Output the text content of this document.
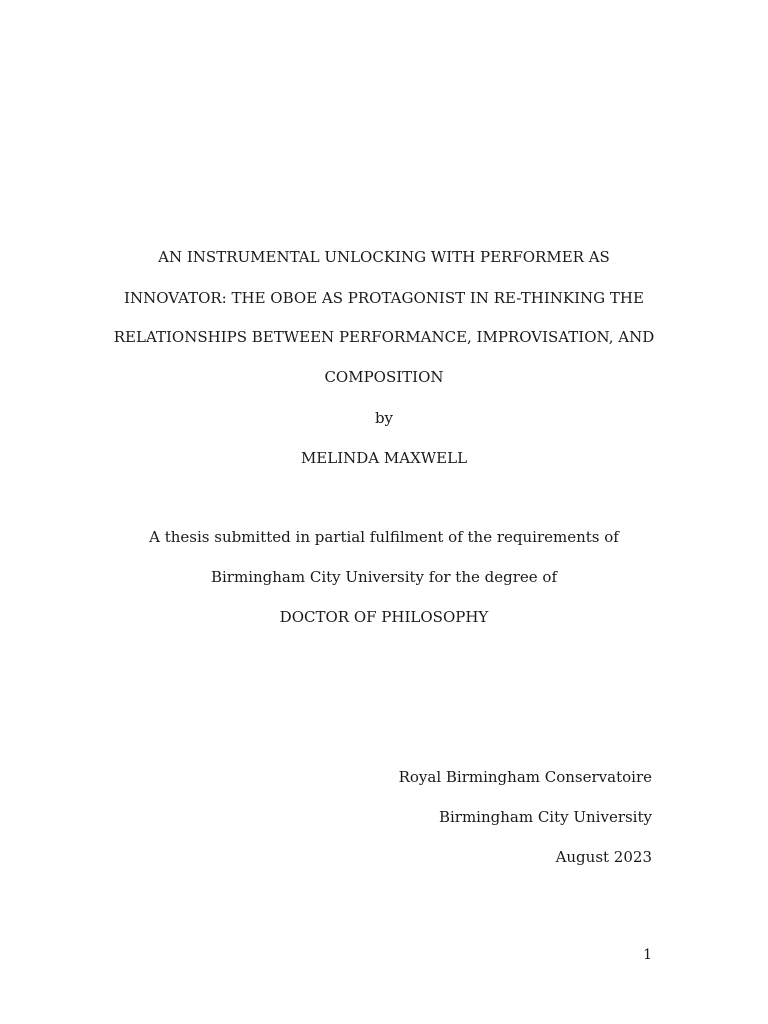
AN INSTRUMENTAL UNLOCKING WITH PERFORMER AS
INNOVATOR: THE OBOE AS PROTAGONIST IN RE-THINKING THE
RELATIONSHIPS BETWEEN PERFORMANCE, IMPROVISATION, AND
COMPOSITION
by
MELINDA MAXWELL
A thesis submitted in partial fulfilment of the requirements of
Birmingham City University for the degree of
DOCTOR OF PHILOSOPHY
Royal Birmingham Conservatoire
Birmingham City University
August 2023
1
